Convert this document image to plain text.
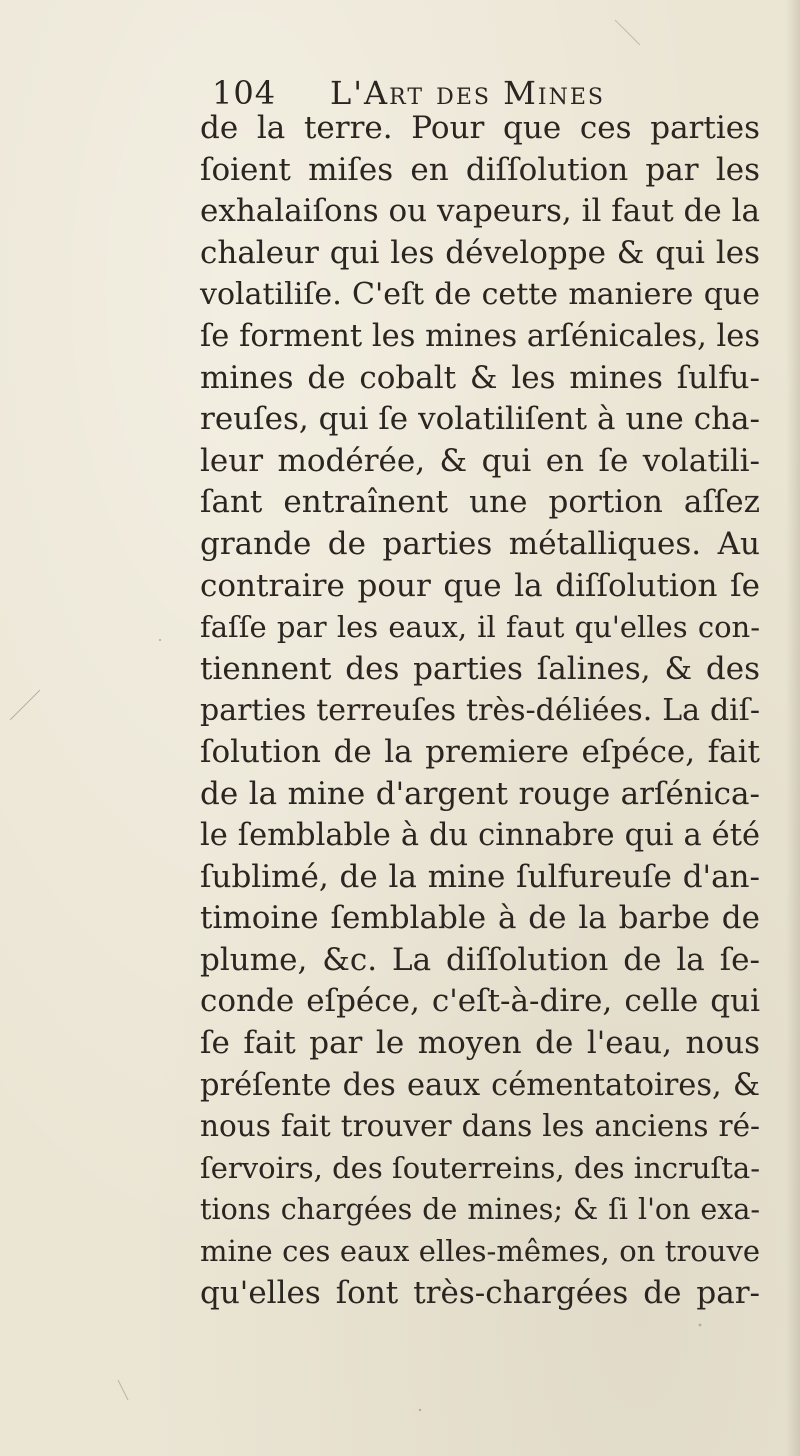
104 L'Art des Mines
de la terre. Pour que ces parties
ſoient miſes en diſſolution par les
exhalaiſons ou vapeurs, il faut de la
chaleur qui les développe & qui les
volatiliſe. C'eſt de cette maniere que
ſe forment les mines arſénicales, les
mines de cobalt & les mines ſulfu-
reuſes, qui ſe volatiliſent à une cha-
leur modérée, & qui en ſe volatili-
ſant entraînent une portion aſſez
grande de parties métalliques. Au
contraire pour que la diſſolution ſe
faſſe par les eaux, il faut qu'elles con-
tiennent des parties ſalines, & des
parties terreuſes très-déliées. La diſ-
ſolution de la premiere eſpéce, fait
de la mine d'argent rouge arſénica-
le ſemblable à du cinnabre qui a été
ſublimé, de la mine ſulfureuſe d'an-
timoine ſemblable à de la barbe de
plume, &c. La diſſolution de la ſe-
conde eſpéce, c'eſt-à-dire, celle qui
ſe fait par le moyen de l'eau, nous
préſente des eaux cémentatoires, &
nous fait trouver dans les anciens ré-
ſervoirs, des ſouterreins, des incruſta-
tions chargées de mines; & ſi l'on exa-
mine ces eaux elles-mêmes, on trouve
qu'elles ſont très-chargées de par-
